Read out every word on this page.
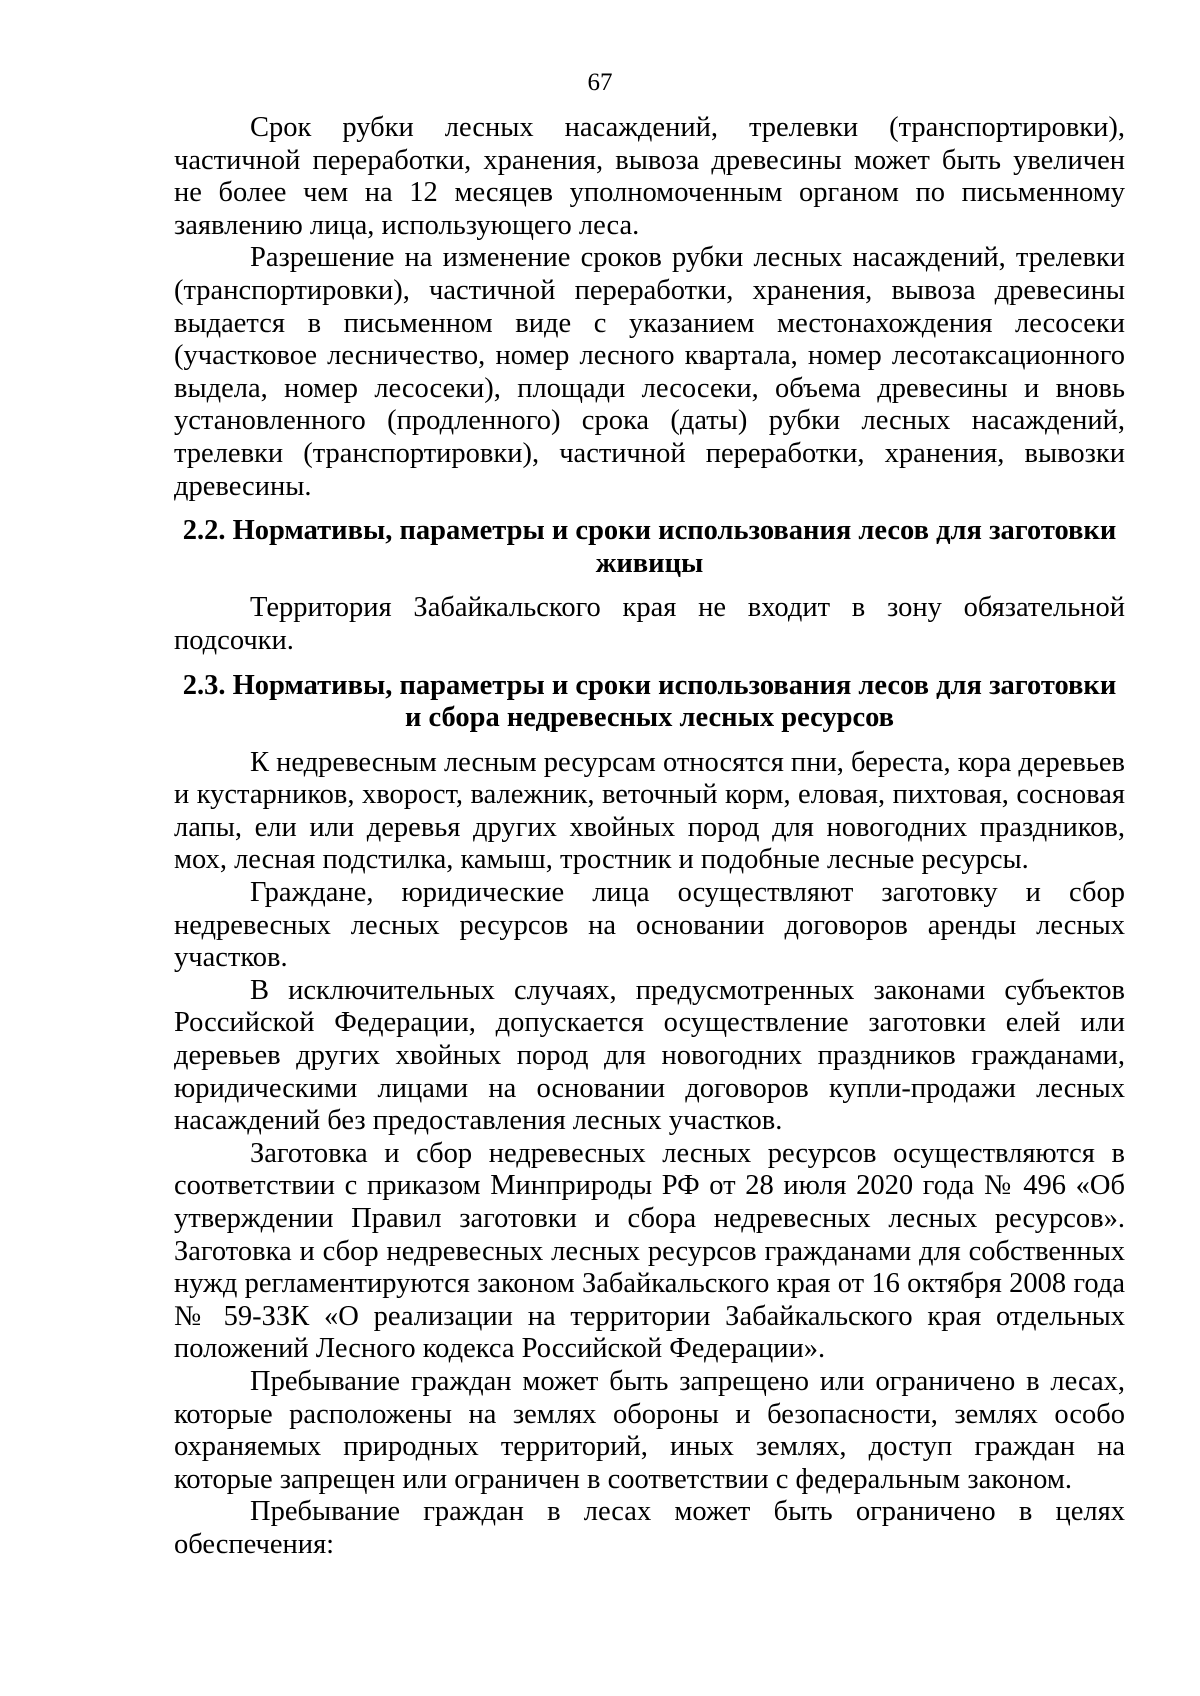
67

Срок рубки лесных насаждений, трелевки (транспортировки), частичной переработки, хранения, вывоза древесины может быть увеличен не более чем на 12 месяцев уполномоченным органом по письменному заявлению лица, использующего леса.

Разрешение на изменение сроков рубки лесных насаждений, трелевки (транспортировки), частичной переработки, хранения, вывоза древесины выдается в письменном виде с указанием местонахождения лесосеки (участковое лесничество, номер лесного квартала, номер лесотаксационного выдела, номер лесосеки), площади лесосеки, объема древесины и вновь установленного (продленного) срока (даты) рубки лесных насаждений, трелевки (транспортировки), частичной переработки, хранения, вывозки древесины.

2.2. Нормативы, параметры и сроки использования лесов для заготовки живицы

Территория Забайкальского края не входит в зону обязательной подсочки.

2.3. Нормативы, параметры и сроки использования лесов для заготовки и сбора недревесных лесных ресурсов

К недревесным лесным ресурсам относятся пни, береста, кора деревьев и кустарников, хворост, валежник, веточный корм, еловая, пихтовая, сосновая лапы, ели или деревья других хвойных пород для новогодних праздников, мох, лесная подстилка, камыш, тростник и подобные лесные ресурсы.

Граждане, юридические лица осуществляют заготовку и сбор недревесных лесных ресурсов на основании договоров аренды лесных участков.

В исключительных случаях, предусмотренных законами субъектов Российской Федерации, допускается осуществление заготовки елей или деревьев других хвойных пород для новогодних праздников гражданами, юридическими лицами на основании договоров купли-продажи лесных насаждений без предоставления лесных участков.

Заготовка и сбор недревесных лесных ресурсов осуществляются в соответствии с приказом Минприроды РФ от 28 июля 2020 года № 496 «Об утверждении Правил заготовки и сбора недревесных лесных ресурсов». Заготовка и сбор недревесных лесных ресурсов гражданами для собственных нужд регламентируются законом Забайкальского края от 16 октября 2008 года № 59-ЗЗК «О реализации на территории Забайкальского края отдельных положений Лесного кодекса Российской Федерации».

Пребывание граждан может быть запрещено или ограничено в лесах, которые расположены на землях обороны и безопасности, землях особо охраняемых природных территорий, иных землях, доступ граждан на которые запрещен или ограничен в соответствии с федеральным законом.

Пребывание граждан в лесах может быть ограничено в целях обеспечения:
